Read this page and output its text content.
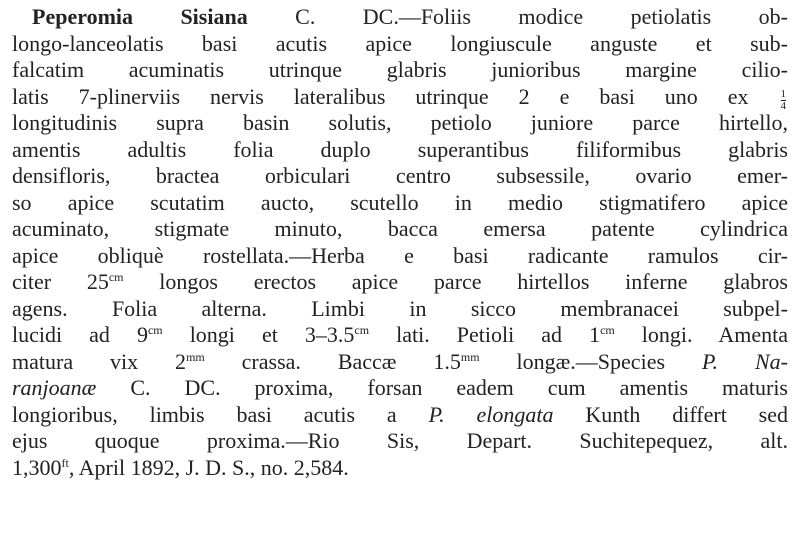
Peperomia Sisiana C. DC.—Foliis modice petiolatis ob-
longo-lanceolatis basi acutis apice longiuscule anguste et sub-
falcatim acuminatis utrinque glabris junioribus margine cilio-
latis 7-plinerviis nervis lateralibus utrinque 2 e basi uno ex	$\frac{1}{4}$
longitudinis supra basin solutis, petiolo juniore parce hirtello,
amentis adultis folia duplo superantibus filiformibus glabris
densifloris, bractea orbiculari centro subsessile, ovario emer-
so apice scutatim aucto, scutello in medio stigmatifero apice
acuminato, stigmate minuto, bacca emersa patente cylindrica
apice obliquè rostellata.—Herba e basi radicante ramulos cir-
citer $25^{cm}$ longos erectos apice parce hirtellos inferne glabros
agens. Folia alterna. Limbi in sicco membranacei subpel-
lucidi ad $9^{cm}$ longi et $3-3.5^{cm}$ lati. Petioli ad $1^{cm}$ longi. Amenta
matura vix $2^{mm}$ crassa. Baccæ $1.5^{mm}$ longæ.—Species P. Na-
ranjoanæ C. DC. proxima, forsan eadem cum amentis maturis
longioribus, limbis basi acutis a P. elongata Kunth differt sed
ejus quoque proxima.—Rio Sis, Depart. Suchitepequez, alt.
$1,300^{ft}$, April 1892, J. D. S., no. 2,584.
